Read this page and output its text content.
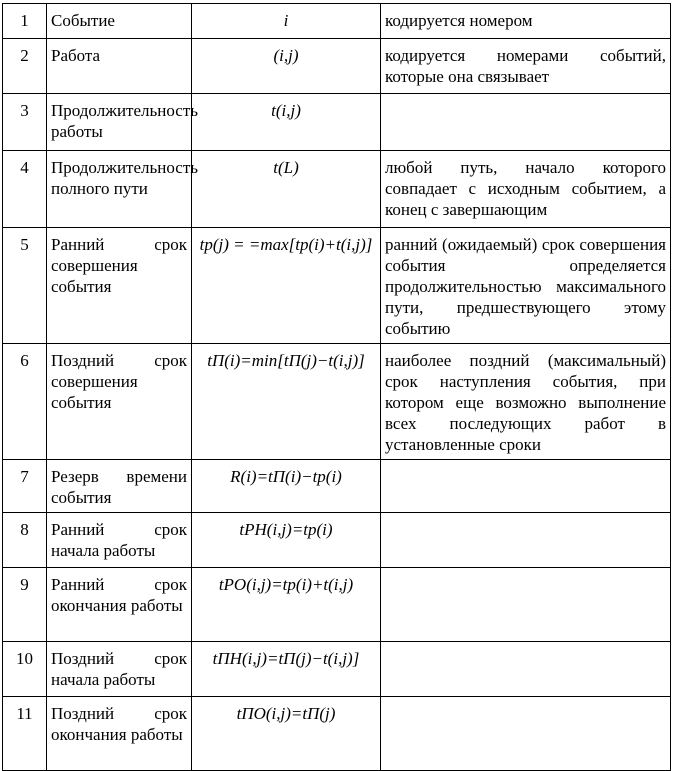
1	Событие	i	кодируется номером
2	Работа	(i,j)	кодируется номерами событий, которые она связывает
3	Продолжительность работы	t(i,j)	
4	Продолжительность полного пути	t(L)	любой путь, начало которого совпадает с исходным событием, а конец с завершающим
5	Ранний срок совершения события	tp(j) = =max[tp(i)+t(i,j)]	ранний (ожидаемый) срок совершения события определяется продолжительностью максимального пути, предшествующего этому событию
6	Поздний срок совершения события	tП(i)=min[tП(j)−t(i,j)]	наиболее поздний (максимальный) срок наступления события, при котором еще возможно выполнение всех последующих работ в установленные сроки
7	Резерв времени события	R(i)=tП(i)−tр(i)	
8	Ранний срок начала работы	tPH(i,j)=tр(i)	
9	Ранний срок окончания работы	tPO(i,j)=tр(i)+t(i,j)	
10	Поздний срок начала работы	tПН(i,j)=tП(j)−t(i,j)]	
11	Поздний срок окончания работы	tПО(i,j)=tП(j)	
